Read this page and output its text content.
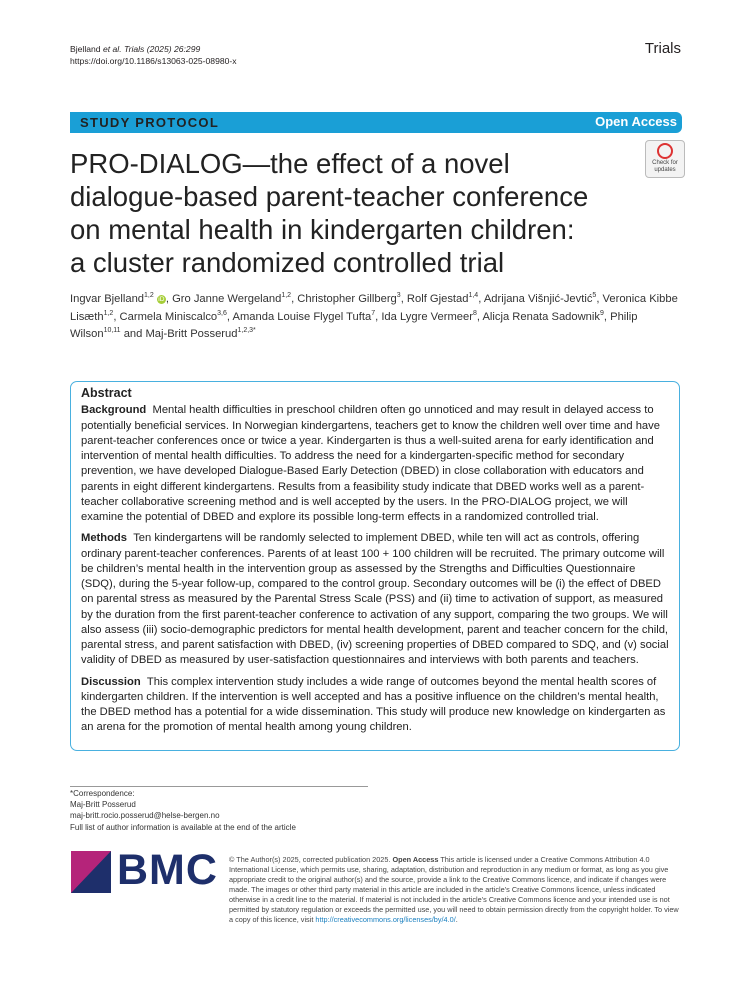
Bjelland et al. Trials (2025) 26:299
https://doi.org/10.1186/s13063-025-08980-x
Trials
STUDY PROTOCOL	Open Access
Check for
updates
PRO-DIALOG—the effect of a novel
dialogue-based parent-teacher conference
on mental health in kindergarten children:
a cluster randomized controlled trial
Ingvar Bjelland$^{1,2}$ iD, Gro Janne Wergeland$^{1,2}$, Christopher Gillberg$^3$, Rolf Gjestad$^{1,4}$, Adrijana Višnjić-Jevtić$^5$, Veronica Kibbe Lisæth$^{1,2}$, Carmela Miniscalco$^{3,6}$, Amanda Louise Flygel Tufta$^7$, Ida Lygre Vermeer$^8$, Alicja Renata Sadownik$^9$, Philip Wilson$^{10,11}$ and Maj-Britt Posserud$^{1,2,3*}$
Abstract
Background Mental health difficulties in preschool children often go unnoticed and may result in delayed access to potentially beneficial services. In Norwegian kindergartens, teachers get to know the children well over time and have parent-teacher conferences once or twice a year. Kindergarten is thus a well-suited arena for early identification and intervention of mental health difficulties. To address the need for a kindergarten-specific method for secondary prevention, we have developed Dialogue-Based Early Detection (DBED) in close collaboration with educators and parents in eight different kindergartens. Results from a feasibility study indicate that DBED works well as a parent-teacher collaborative screening method and is well accepted by the users. In the PRO-DIALOG project, we will examine the potential of DBED and explore its possible long-term effects in a randomized controlled trial.
Methods Ten kindergartens will be randomly selected to implement DBED, while ten will act as controls, offering ordinary parent-teacher conferences. Parents of at least 100 + 100 children will be recruited. The primary outcome will be children’s mental health in the intervention group as assessed by the Strengths and Difficulties Questionnaire (SDQ), during the 5-year follow-up, compared to the control group. Secondary outcomes will be (i) the effect of DBED on parental stress as measured by the Parental Stress Scale (PSS) and (ii) time to activation of support, as measured by the duration from the first parent-teacher conference to activation of any support, comparing the two groups. We will also assess (iii) socio-demographic predictors for mental health development, parent and teacher concern for the child, parental stress, and parent satisfaction with DBED, (iv) screening properties of DBED compared to SDQ, and (v) social validity of DBED as measured by user-satisfaction questionnaires and interviews with both parents and teachers.
Discussion This complex intervention study includes a wide range of outcomes beyond the mental health scores of kindergarten children. If the intervention is well accepted and has a positive influence on the children’s mental health, the DBED method has a potential for a wide dissemination. This study will produce new knowledge on kindergarten as an arena for the promotion of mental health among young children.
*Correspondence:
Maj-Britt Posserud
maj-britt.rocio.posserud@helse-bergen.no
Full list of author information is available at the end of the article
BMC © The Author(s) 2025, corrected publication 2025. Open Access This article is licensed under a Creative Commons Attribution 4.0 International License, which permits use, sharing, adaptation, distribution and reproduction in any medium or format, as long as you give appropriate credit to the original author(s) and the source, provide a link to the Creative Commons licence, and indicate if changes were made. The images or other third party material in this article are included in the article’s Creative Commons licence, unless indicated otherwise in a credit line to the material. If material is not included in the article’s Creative Commons licence and your intended use is not permitted by statutory regulation or exceeds the permitted use, you will need to obtain permission directly from the copyright holder. To view a copy of this licence, visit http://creativecommons.org/licenses/by/4.0/.
